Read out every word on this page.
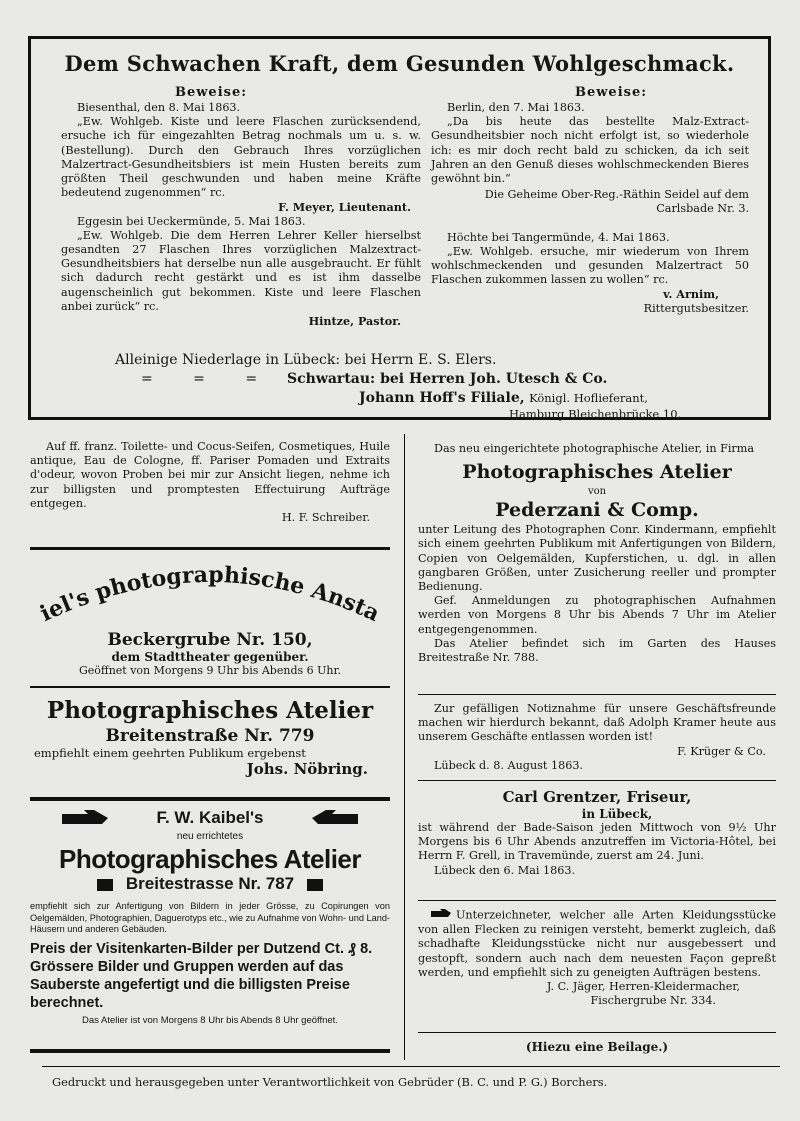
Dem Schwachen Kraft, dem Gesunden Wohlgeschmack.
Beweise:

Biesenthal, den 8. Mai 1863.

„Ew. Wohlgeb. Kiste und leere Flaschen zurücksendend, ersuche ich für eingezahlten Betrag nochmals um u. s. w. (Bestellung). Durch den Gebrauch Ihres vorzüglichen Malzertract-Gesundheitsbiers ist mein Husten bereits zum größten Theil geschwunden und haben meine Kräfte bedeutend zugenommen“ rc.

F. Meyer, Lieutenant.

Eggesin bei Ueckermünde, 5. Mai 1863.

„Ew. Wohlgeb. Die dem Herren Lehrer Keller hierselbst gesandten 27 Flaschen Ihres vorzüglichen Malzextract-Gesundheitsbiers hat derselbe nun alle ausgebraucht. Er fühlt sich dadurch recht gestärkt und es ist ihm dasselbe augenscheinlich gut bekommen. Kiste und leere Flaschen anbei zurück“ rc.

Hintze, Pastor.

Beweise:

Berlin, den 7. Mai 1863.

„Da bis heute das bestellte Malz-Extract-Gesundheitsbier noch nicht erfolgt ist, so wiederhole ich: es mir doch recht bald zu schicken, da ich seit Jahren an den Genuß dieses wohlschmeckenden Bieres gewöhnt bin.“

Die Geheime Ober-Reg.-Räthin Seidel auf dem Carlsbade Nr. 3.

Höchte bei Tangermünde, 4. Mai 1863.

„Ew. Wohlgeb. ersuche, mir wiederum von Ihrem wohlschmeckenden und gesunden Malzertract 50 Flaschen zukommen lassen zu wollen“ rc.

v. Arnim,

Rittergutsbesitzer.

Alleinige Niederlage in Lübeck: bei Herrn E. S. Elers.

= = = Schwartau: bei Herren Joh. Utesch & Co.

Johann Hoff's Filiale, Königl. Hoflieferant,

Hamburg Bleichenbrücke 10.

Auf ff. franz. Toilette- und Cocus-Seifen, Cosmetiques, Huile antique, Eau de Cologne, ff. Pariser Pomaden und Extraits d'odeur, wovon Proben bei mir zur Ansicht liegen, nehme ich zur billigsten und promptesten Effectuirung Aufträge entgegen.

H. F. Schreiber.

iel's photographische Ansta

Beckergrube Nr. 150,

dem Stadttheater gegenüber.

Geöffnet von Morgens 9 Uhr bis Abends 6 Uhr.

Photographisches Atelier

Breitenstraße Nr. 779

empfiehlt einem geehrten Publikum ergebenst

Johs. Nöbring.

F. W. Kaibel's

neu errichtetes

Photographisches Atelier

Breitestrasse Nr. 787

empfiehlt sich zur Anfertigung von Bildern in jeder Grösse, zu Copirungen von Oelgemälden, Photographien, Daguerotyps etc., wie zu Aufnahme von Wohn- und Land-Häusern und anderen Gebäuden.

Preis der Visitenkarten-Bilder per Dutzend Ct. ₰ 8.

Grössere Bilder und Gruppen werden auf das Sauberste angefertigt und die billigsten Preise berechnet.

Das Atelier ist von Morgens 8 Uhr bis Abends 8 Uhr geöffnet.

Das neu eingerichtete photographische Atelier, in Firma

Photographisches Atelier

von

Pederzani & Comp.

unter Leitung des Photographen Conr. Kindermann, empfiehlt sich einem geehrten Publikum mit Anfertigungen von Bildern, Copien von Oelgemälden, Kupferstichen, u. dgl. in allen gangbaren Größen, unter Zusicherung reeller und prompter Bedienung.

Gef. Anmeldungen zu photographischen Aufnahmen werden von Morgens 8 Uhr bis Abends 7 Uhr im Atelier entgegengenommen.

Das Atelier befindet sich im Garten des Hauses Breitestraße Nr. 788.

Zur gefälligen Notiznahme für unsere Geschäftsfreunde machen wir hierdurch bekannt, daß Adolph Kramer heute aus unserem Geschäfte entlassen worden ist!

F. Krüger & Co.

Lübeck d. 8. August 1863.

Carl Grentzer, Friseur,

in Lübeck,

ist während der Bade-Saison jeden Mittwoch von 9½ Uhr Morgens bis 6 Uhr Abends anzutreffen im Victoria-Hôtel, bei Herrn F. Grell, in Travemünde, zuerst am 24. Juni.

Lübeck den 6. Mai 1863.

Unterzeichneter, welcher alle Arten Kleidungsstücke von allen Flecken zu reinigen versteht, bemerkt zugleich, daß schadhafte Kleidungsstücke nicht nur ausgebessert und gestopft, sondern auch nach dem neuesten Façon gepreßt werden, und empfiehlt sich zu geneigten Aufträgen bestens.

J. C. Jäger, Herren-Kleidermacher,

Fischergrube Nr. 334.

(Hiezu eine Beilage.)
Gedruckt und herausgegeben unter Verantwortlichkeit von Gebrüder (B. C. und P. G.) Borchers.
